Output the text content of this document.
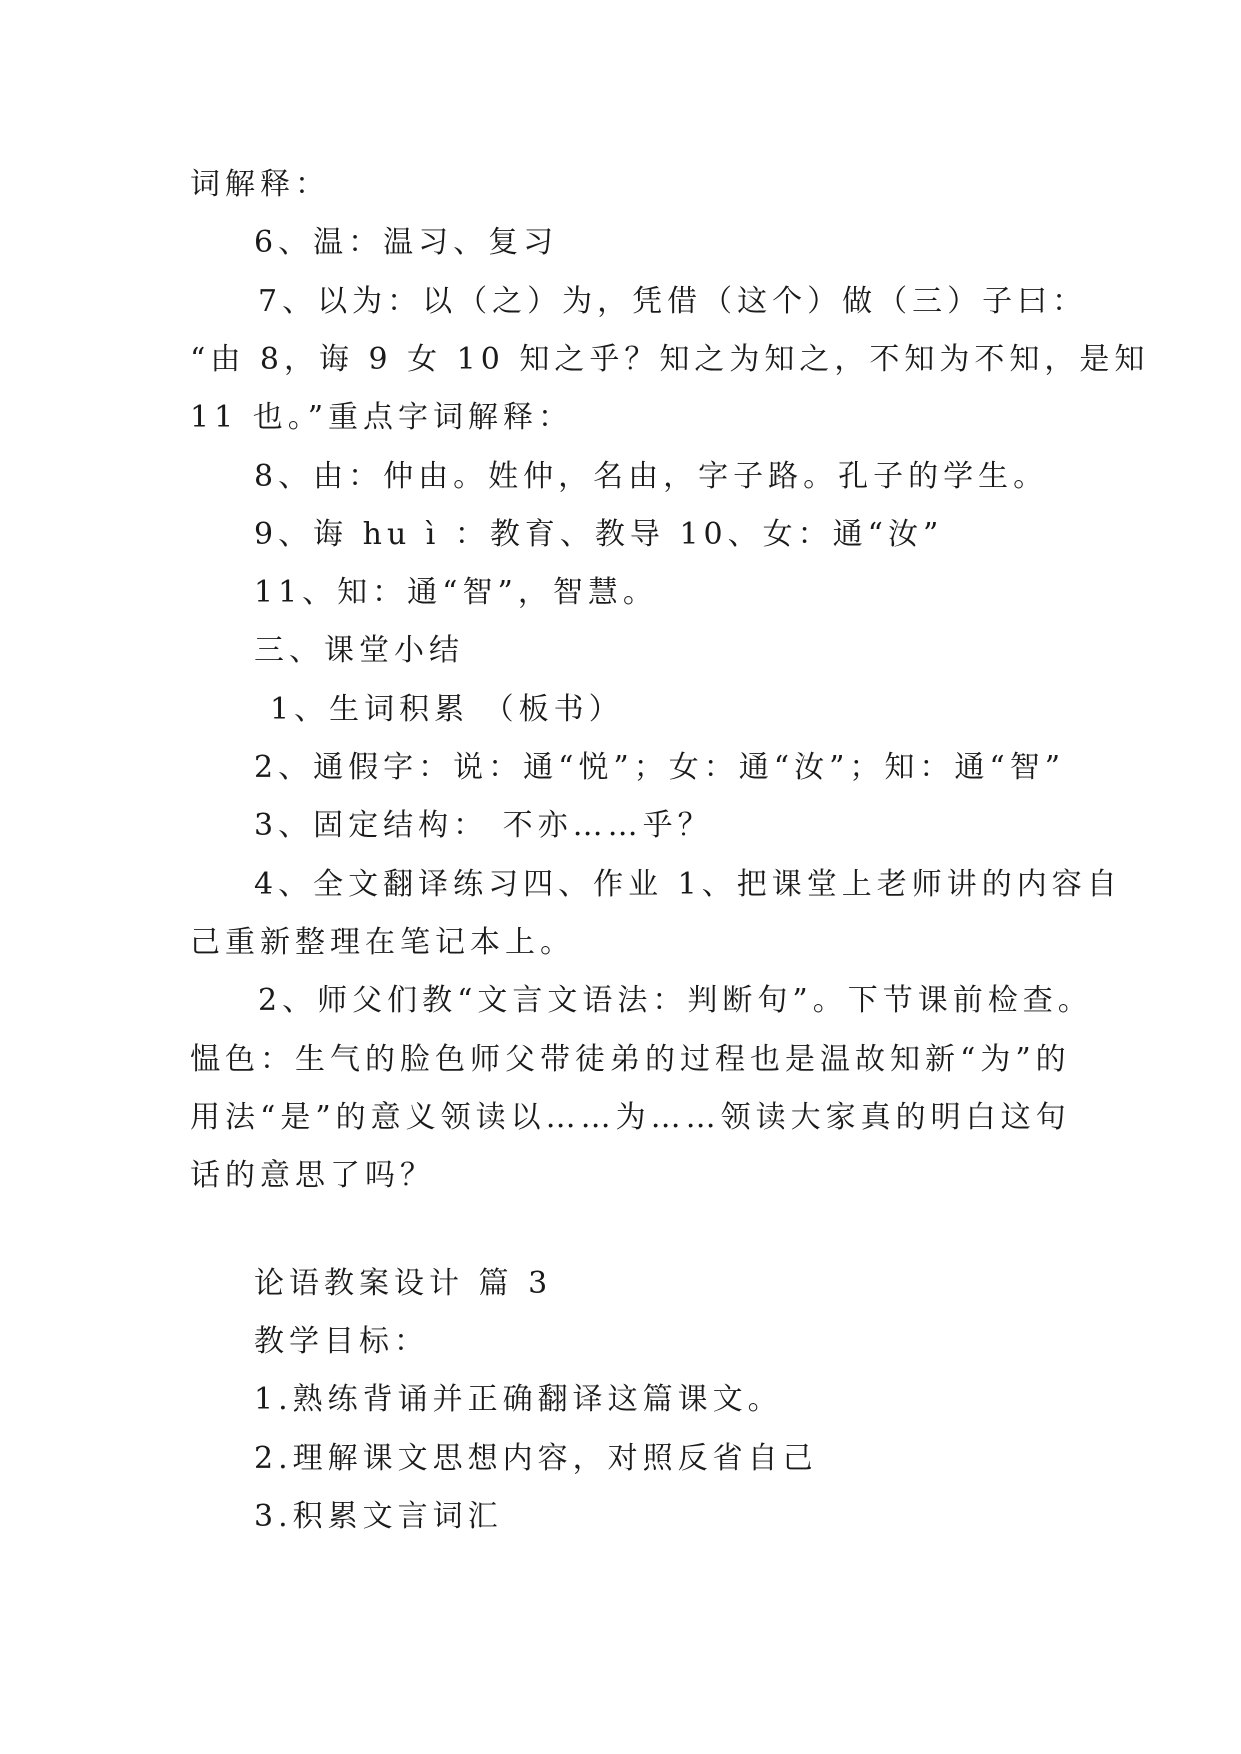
词解释：
6、温：温习、复习
7、以为：以（之）为，凭借（这个）做（三）子曰：
“由 8，诲 9 女 10 知之乎？知之为知之，不知为不知，是知
11 也。”重点字词解释：
8、由：仲由。姓仲，名由，字子路。孔子的学生。
9、诲 hu ì ：教育、教导 10、女：通“汝”
11、知：通“智”，智慧。
三、课堂小结
1、生词积累 （板书）
2、通假字：说：通“悦”；女：通“汝”；知：通“智”
3、固定结构： 不亦……乎？
4、全文翻译练习四、作业 1、把课堂上老师讲的内容自
己重新整理在笔记本上。
2、师父们教“文言文语法：判断句”。下节课前检查。
愠色：生气的脸色师父带徒弟的过程也是温故知新“为”的
用法“是”的意义领读以……为……领读大家真的明白这句
话的意思了吗？
论语教案设计 篇 3
教学目标：
1.熟练背诵并正确翻译这篇课文。
2.理解课文思想内容，对照反省自己
3.积累文言词汇
